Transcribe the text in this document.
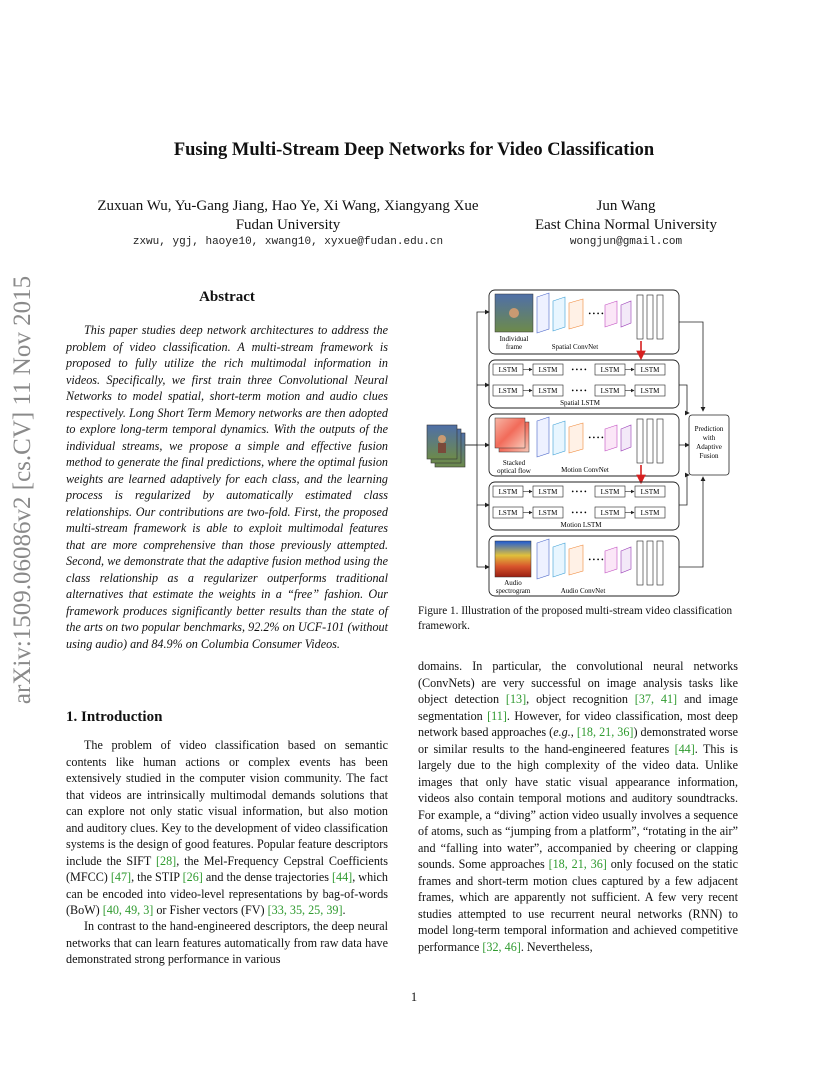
arXiv:1509.06086v2 [cs.CV] 11 Nov 2015
Fusing Multi-Stream Deep Networks for Video Classification
Zuxuan Wu, Yu-Gang Jiang, Hao Ye, Xi Wang, Xiangyang Xue
Fudan University
zxwu, ygj, haoye10, xwang10, xyxue@fudan.edu.cn
Jun Wang
East China Normal University
wongjun@gmail.com
Abstract
This paper studies deep network architectures to address the problem of video classification. A multi-stream framework is proposed to fully utilize the rich multimodal information in videos. Specifically, we first train three Convolutional Neural Networks to model spatial, short-term motion and audio clues respectively. Long Short Term Memory networks are then adopted to explore long-term temporal dynamics. With the outputs of the individual streams, we propose a simple and effective fusion method to generate the final predictions, where the optimal fusion weights are learned adaptively for each class, and the learning process is regularized by automatically estimated class relationships. Our contributions are two-fold. First, the proposed multi-stream framework is able to exploit multimodal features that are more comprehensive than those previously attempted. Second, we demonstrate that the adaptive fusion method using the class relationship as a regularizer outperforms traditional alternatives that estimate the weights in a “free” fashion. Our framework produces significantly better results than the state of the arts on two popular benchmarks, 92.2% on UCF-101 (without using audio) and 84.9% on Columbia Consumer Videos.
1. Introduction
The problem of video classification based on semantic contents like human actions or complex events has been extensively studied in the computer vision community. The fact that videos are intrinsically multimodal demands solutions that can explore not only static visual information, but also motion and auditory clues. Key to the development of video classification systems is the design of good features. Popular feature descriptors include the SIFT [28], the Mel-Frequency Cepstral Coefficients (MFCC) [47], the STIP [26] and the dense trajectories [44], which can be encoded into video-level representations by bag-of-words (BoW) [40, 49, 3] or Fisher vectors (FV) [33, 35, 25, 39].
In contrast to the hand-engineered descriptors, the deep neural networks that can learn features automatically from raw data have demonstrated strong performance in various
domains. In particular, the convolutional neural networks (ConvNets) are very successful on image analysis tasks like object detection [13], object recognition [37, 41] and image segmentation [11]. However, for video classification, most deep network based approaches (e.g., [18, 21, 36]) demonstrated worse or similar results to the hand-engineered features [44]. This is largely due to the high complexity of the video data. Unlike images that only have static visual appearance information, videos also contain temporal motions and auditory soundtracks. For example, a “diving” action video usually involves a sequence of atoms, such as “jumping from a platform”, “rotating in the air” and “falling into water”, accompanied by cheering or clapping sounds. Some approaches [18, 21, 36] only focused on the static frames and short-term motion clues captured by a few adjacent frames, which are apparently not sufficient. A few very recent studies attempted to use recurrent neural networks (RNN) to model long-term temporal information and achieved competitive performance [32, 46]. Nevertheless,
Individual
frame
• • • •
Spatial ConvNet
LSTM	LSTM	LSTM	LSTM
LSTM	LSTM	LSTM	LSTM
• • • •
• • • •
Spatial LSTM
Stacked
optical flow
• • • •
Motion ConvNet
LSTM	LSTM	LSTM	LSTM
LSTM	LSTM	LSTM	LSTM
• • • •
• • • •
Motion LSTM
Audio
spectrogram
• • • •
Audio ConvNet
Prediction
with
Adaptive
Fusion
Figure 1. Illustration of the proposed multi-stream video classification framework.
1
